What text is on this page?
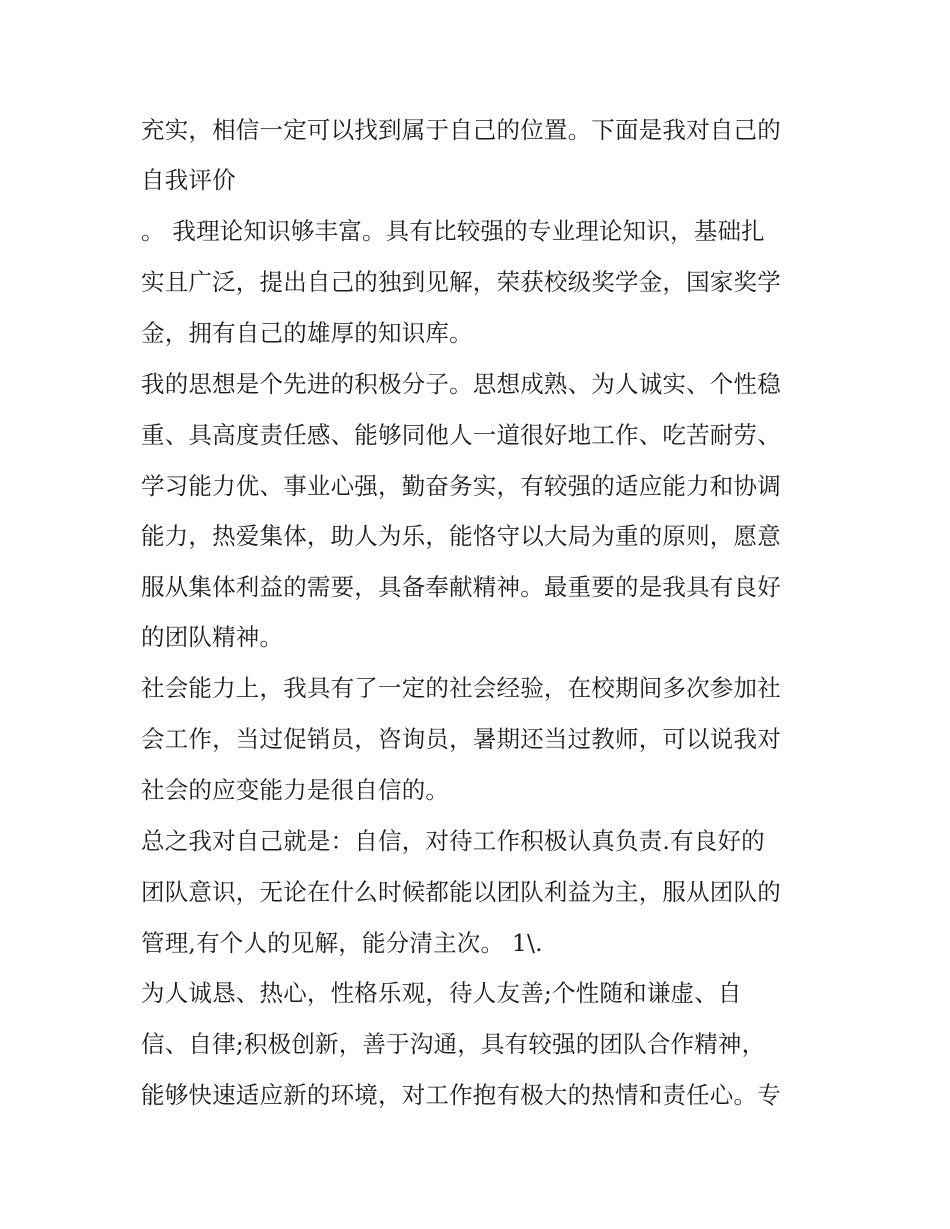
充实，相信一定可以找到属于自己的位置。下面是我对自己的
自我评价
。 我理论知识够丰富。具有比较强的专业理论知识，基础扎
实且广泛，提出自己的独到见解，荣获校级奖学金，国家奖学
金，拥有自己的雄厚的知识库。
我的思想是个先进的积极分子。思想成熟、为人诚实、个性稳
重、具高度责任感、能够同他人一道很好地工作、吃苦耐劳、
学习能力优、事业心强，勤奋务实，有较强的适应能力和协调
能力，热爱集体，助人为乐，能恪守以大局为重的原则，愿意
服从集体利益的需要，具备奉献精神。最重要的是我具有良好
的团队精神。
社会能力上，我具有了一定的社会经验，在校期间多次参加社
会工作，当过促销员，咨询员，暑期还当过教师，可以说我对
社会的应变能力是很自信的。
总之我对自己就是：自信，对待工作积极认真负责.有良好的
团队意识，无论在什么时候都能以团队利益为主，服从团队的
管理,有个人的见解，能分清主次。 1\.
为人诚恳、热心，性格乐观，待人友善;个性随和谦虚、自
信、自律;积极创新，善于沟通，具有较强的团队合作精神，
能够快速适应新的环境，对工作抱有极大的热情和责任心。专
